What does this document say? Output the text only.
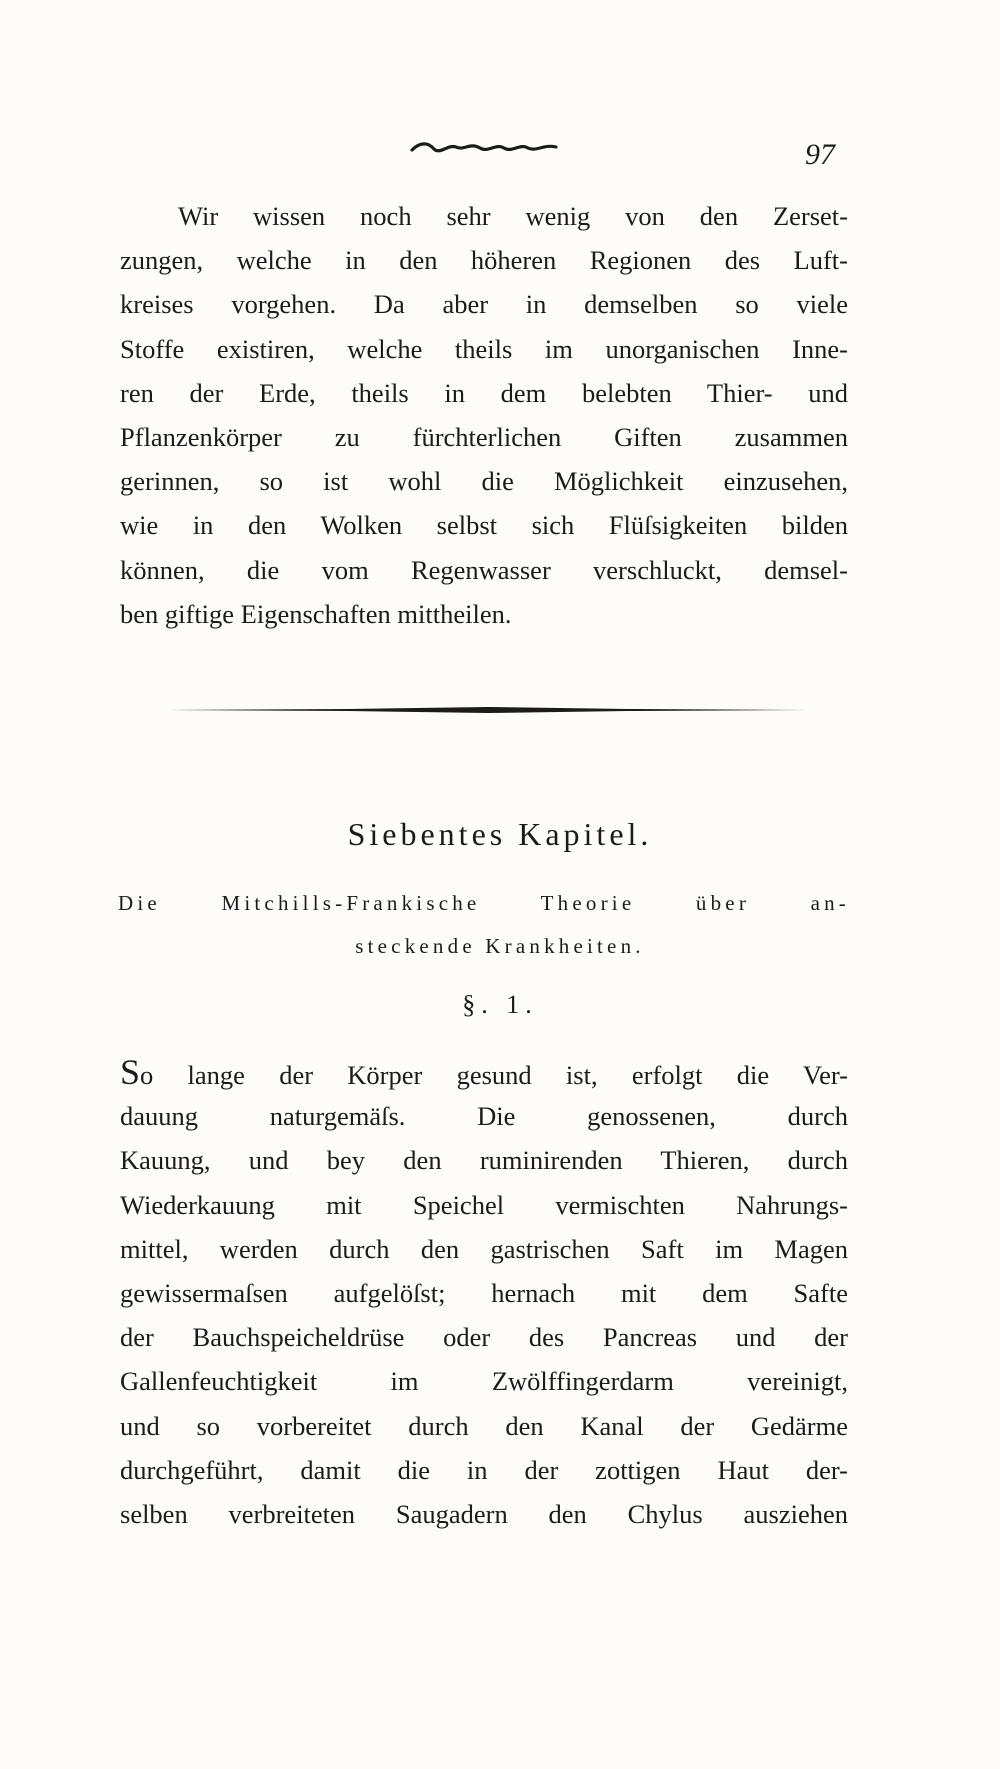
97
Wir wissen noch sehr wenig von den Zerset-
zungen, welche in den höheren Regionen des Luft-
kreises vorgehen. Da aber in demselben so viele
Stoffe existiren, welche theils im unorganischen Inne-
ren der Erde, theils in dem belebten Thier- und
Pflanzenkörper zu fürchterlichen Giften zusammen
gerinnen, so ist wohl die Möglichkeit einzusehen,
wie in den Wolken selbst sich Flüſsigkeiten bilden
können, die vom Regenwasser verschluckt, demsel-
ben giftige Eigenschaften mittheilen.
Siebentes Kapitel.
Die Mitchills-Frankische Theorie über an-
steckende Krankheiten.
§. 1.
So lange der Körper gesund ist, erfolgt die Ver-
dauung naturgemäſs. Die genossenen, durch
Kauung, und bey den ruminirenden Thieren, durch
Wiederkauung mit Speichel vermischten Nahrungs-
mittel, werden durch den gastrischen Saft im Magen
gewissermaſsen aufgelöſst; hernach mit dem Safte
der Bauchspeicheldrüse oder des Pancreas und der
Gallenfeuchtigkeit im Zwölffingerdarm vereinigt,
und so vorbereitet durch den Kanal der Gedärme
durchgeführt, damit die in der zottigen Haut der-
selben verbreiteten Saugadern den Chylus ausziehen
